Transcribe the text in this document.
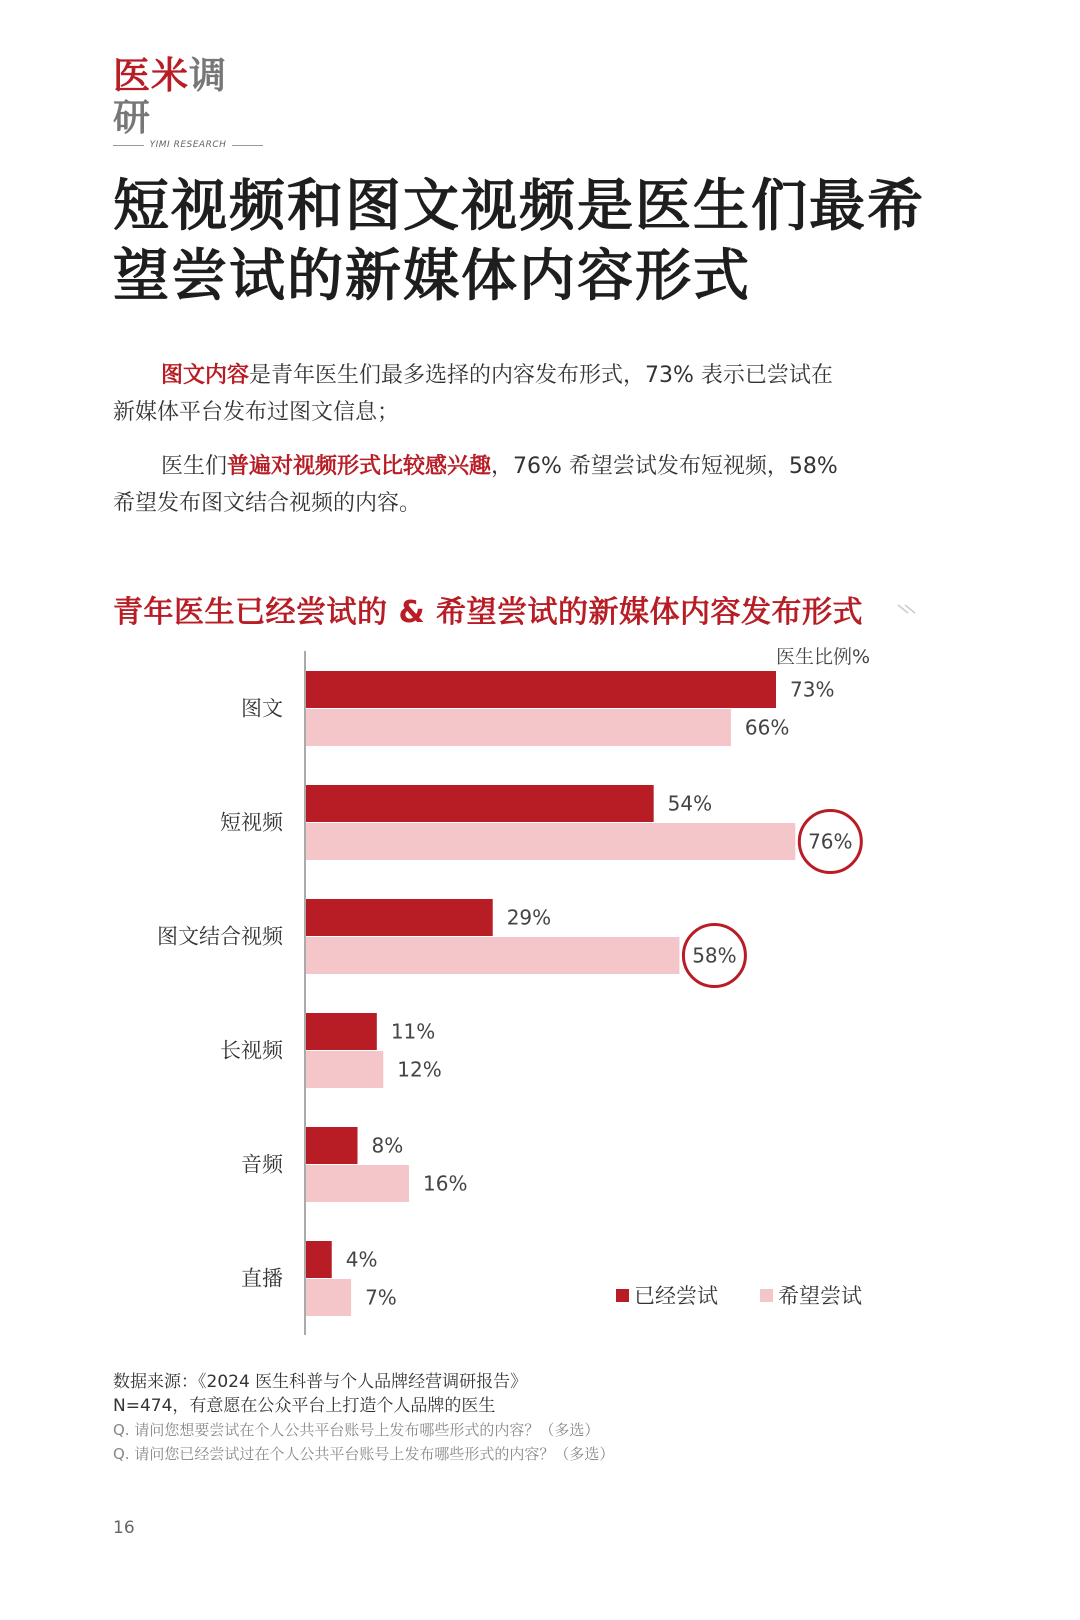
医米调研
YIMI RESEARCH
短视频和图文视频是医生们最希
望尝试的新媒体内容形式
图文内容是青年医生们最多选择的内容发布形式，73% 表示已尝试在
新媒体平台发布过图文信息；
医生们普遍对视频形式比较感兴趣，76% 希望尝试发布短视频，58%
希望发布图文结合视频的内容。
青年医生已经尝试的 & 希望尝试的新媒体内容发布形式
医生比例%
图文
73%
66%
短视频
54%
76%
图文结合视频
29%
58%
长视频
11%
12%
音频
8%
16%
直播
4%
7%	已经尝试	希望尝试
数据来源：《2024 医生科普与个人品牌经营调研报告》
N=474，有意愿在公众平台上打造个人品牌的医生
Q. 请问您想要尝试在个人公共平台账号上发布哪些形式的内容？（多选）
Q. 请问您已经尝试过在个人公共平台账号上发布哪些形式的内容？（多选）
16
